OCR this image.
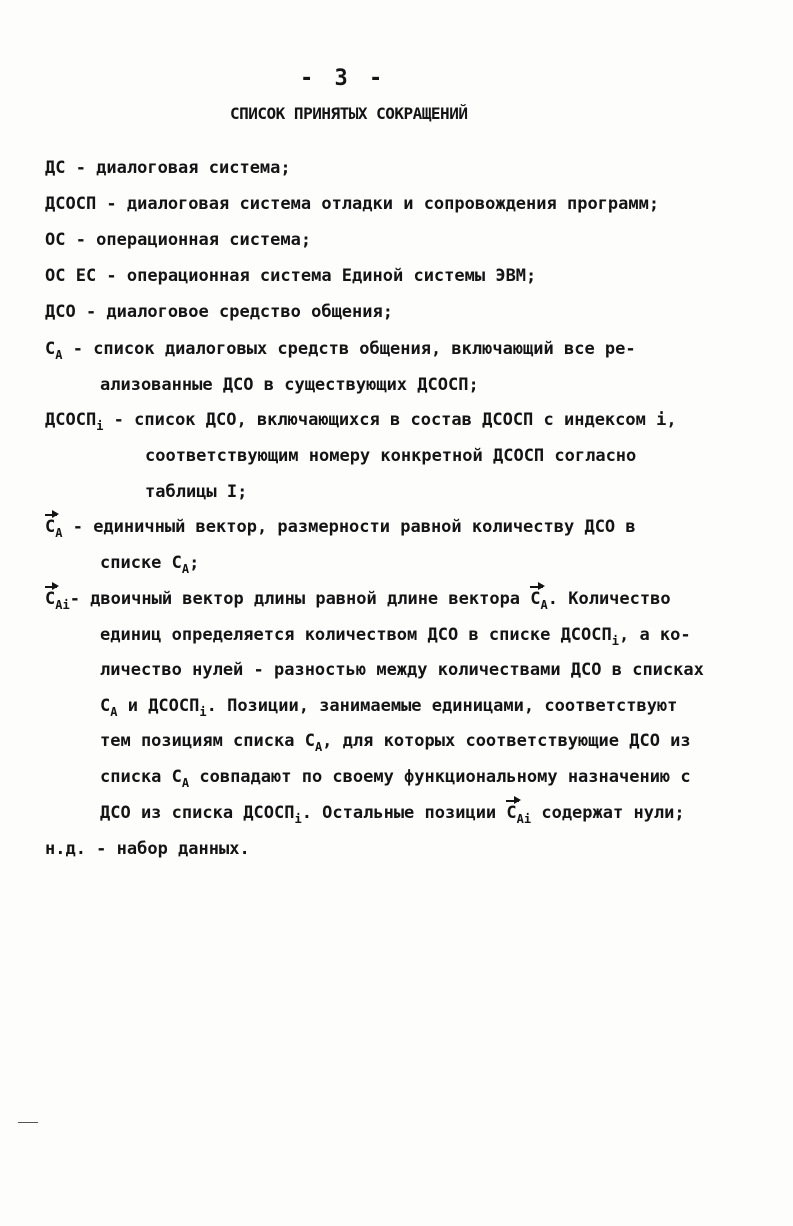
- 3 -
СПИСОК ПРИНЯТЫХ СОКРАЩЕНИЙ
ДС - диалоговая система;
ДСОСП - диалоговая система отладки и сопровождения программ;
ОС - операционная система;
ОС ЕС - операционная система Единой системы ЭВМ;
ДСО - диалоговое средство общения;
$C_A$ - список диалоговых средств общения, включающий все ре-
ализованные ДСО в существующих ДСОСП;
$ДСОСП_i$ - список ДСО, включающихся в состав ДСОСП с индексом i,
соответствующим номеру конкретной ДСОСП согласно
таблицы I;
$C_A$ - единичный вектор, размерности равной количеству ДСО в
списке $C_A$;
$C_{Ai}-$ двоичный вектор длины равной длине вектора $C_A$. Количество
единиц определяется количеством ДСО в списке $ДСОСП_i$, а ко-
личество нулей - разностью между количествами ДСО в списках
$C_A$ и $ДСОСП_i$. Позиции, занимаемые единицами, соответствуют
тем позициям списка $C_A$, для которых соответствующие ДСО из
списка $C_A$ совпадают по своему функциональному назначению с
ДСО из списка $ДСОСП_i$. Остальные позиции $C_{Ai}$ содержат нули;
н.д. - набор данных.
